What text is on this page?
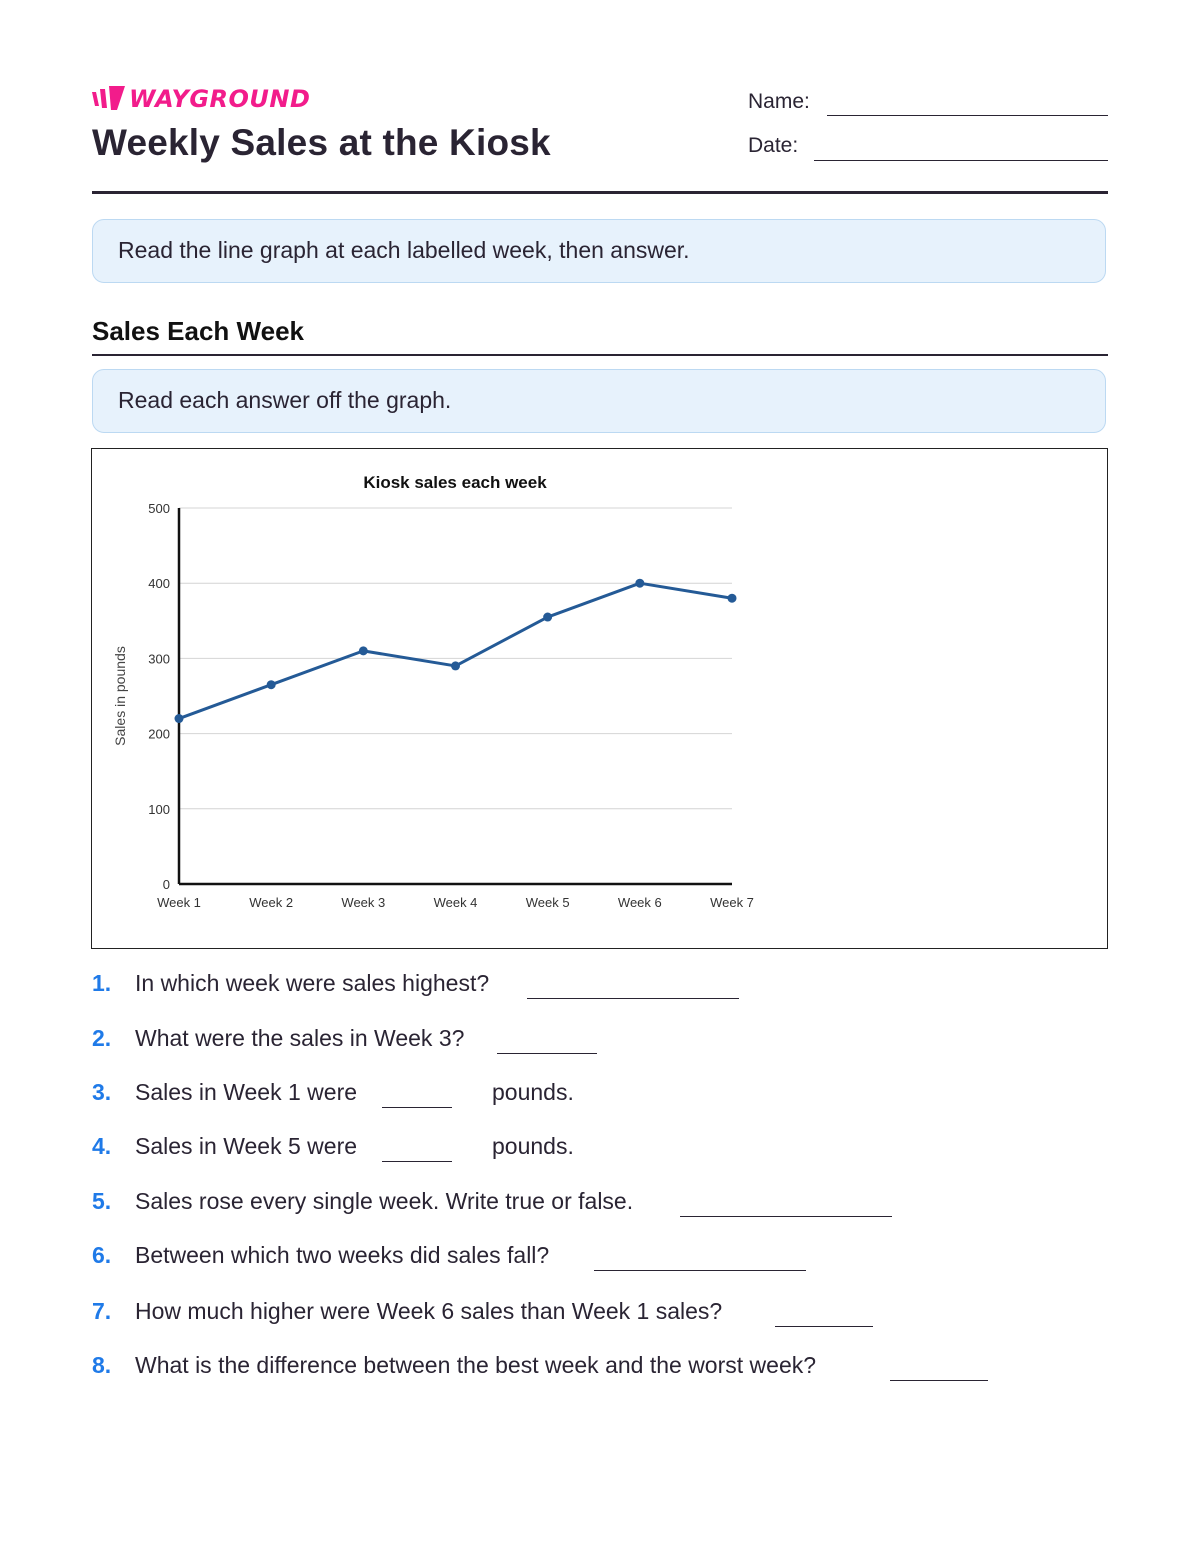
WAYGROUND
Weekly Sales at the Kiosk
Name:
Date:
Read the line graph at each labelled week, then answer.
Sales Each Week
Read each answer off the graph.
Kiosk sales each week
Sales in pounds
0
100
200
300
400
500
Week 1	Week 2	Week 3	Week 4	Week 5	Week 6	Week 7
1. In which week were sales highest?
2. What were the sales in Week 3?
3. Sales in Week 1 were	pounds.
4. Sales in Week 5 were	pounds.
5. Sales rose every single week. Write true or false.
6. Between which two weeks did sales fall?
7. How much higher were Week 6 sales than Week 1 sales?
8. What is the difference between the best week and the worst week?
